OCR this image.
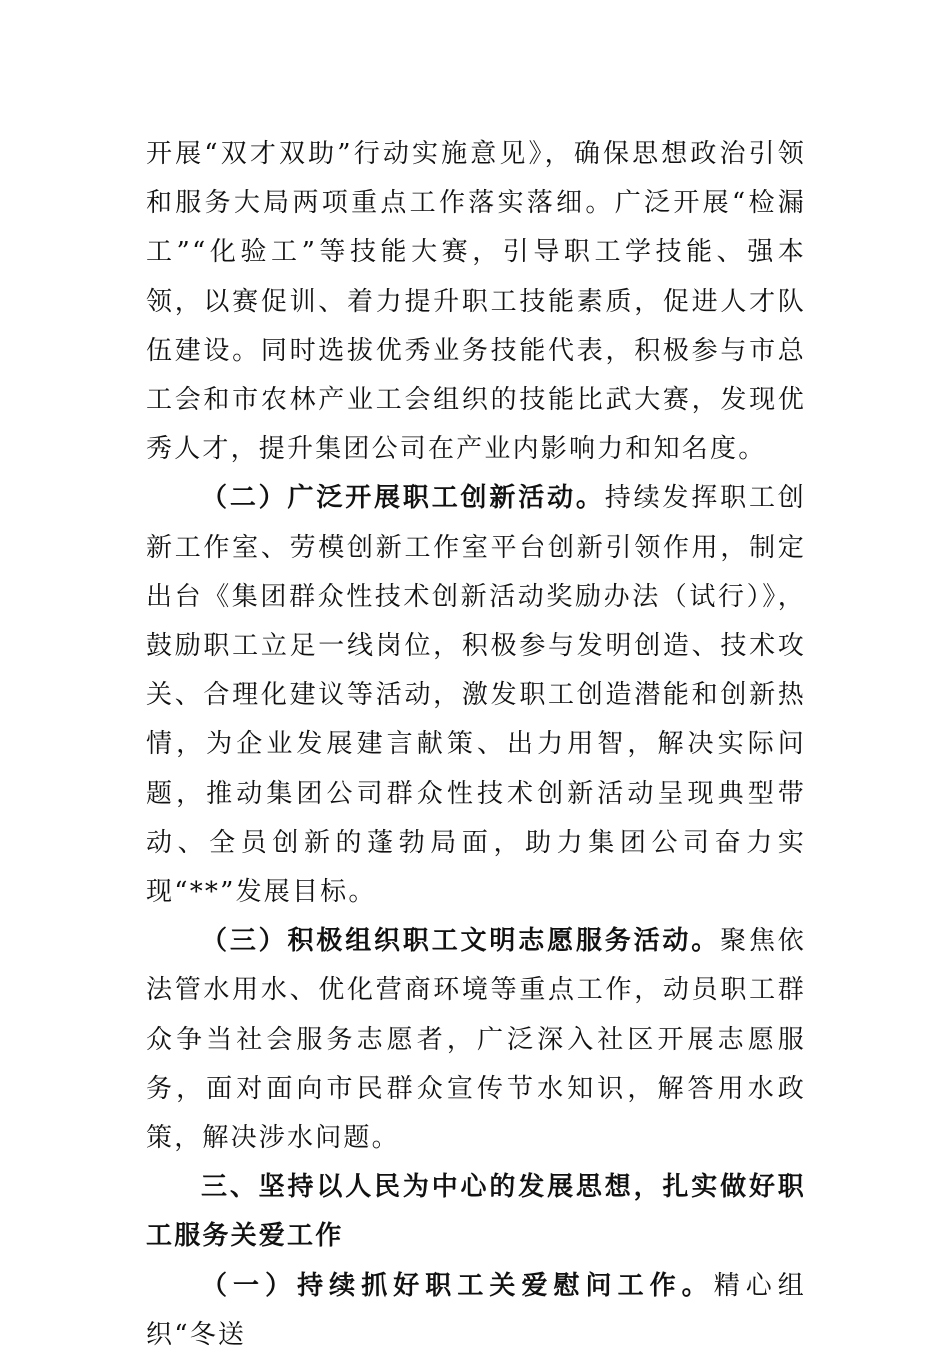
开展“双才双助”行动实施意见》，确保思想政治引领和服务大局两项重点工作落实落细。广泛开展“检漏工”“化验工”等技能大赛，引导职工学技能、强本领，以赛促训、着力提升职工技能素质，促进人才队伍建设。同时选拔优秀业务技能代表，积极参与市总工会和市农林产业工会组织的技能比武大赛，发现优秀人才，提升集团公司在产业内影响力和知名度。

（二）广泛开展职工创新活动。持续发挥职工创新工作室、劳模创新工作室平台创新引领作用，制定出台《集团群众性技术创新活动奖励办法（试行）》，鼓励职工立足一线岗位，积极参与发明创造、技术攻关、合理化建议等活动，激发职工创造潜能和创新热情，为企业发展建言献策、出力用智，解决实际问题，推动集团公司群众性技术创新活动呈现典型带动、全员创新的蓬勃局面，助力集团公司奋力实现“**”发展目标。

（三）积极组织职工文明志愿服务活动。聚焦依法管水用水、优化营商环境等重点工作，动员职工群众争当社会服务志愿者，广泛深入社区开展志愿服务，面对面向市民群众宣传节水知识，解答用水政策，解决涉水问题。

三、坚持以人民为中心的发展思想，扎实做好职工服务关爱工作

（一）持续抓好职工关爱慰问工作。精心组织“冬送
